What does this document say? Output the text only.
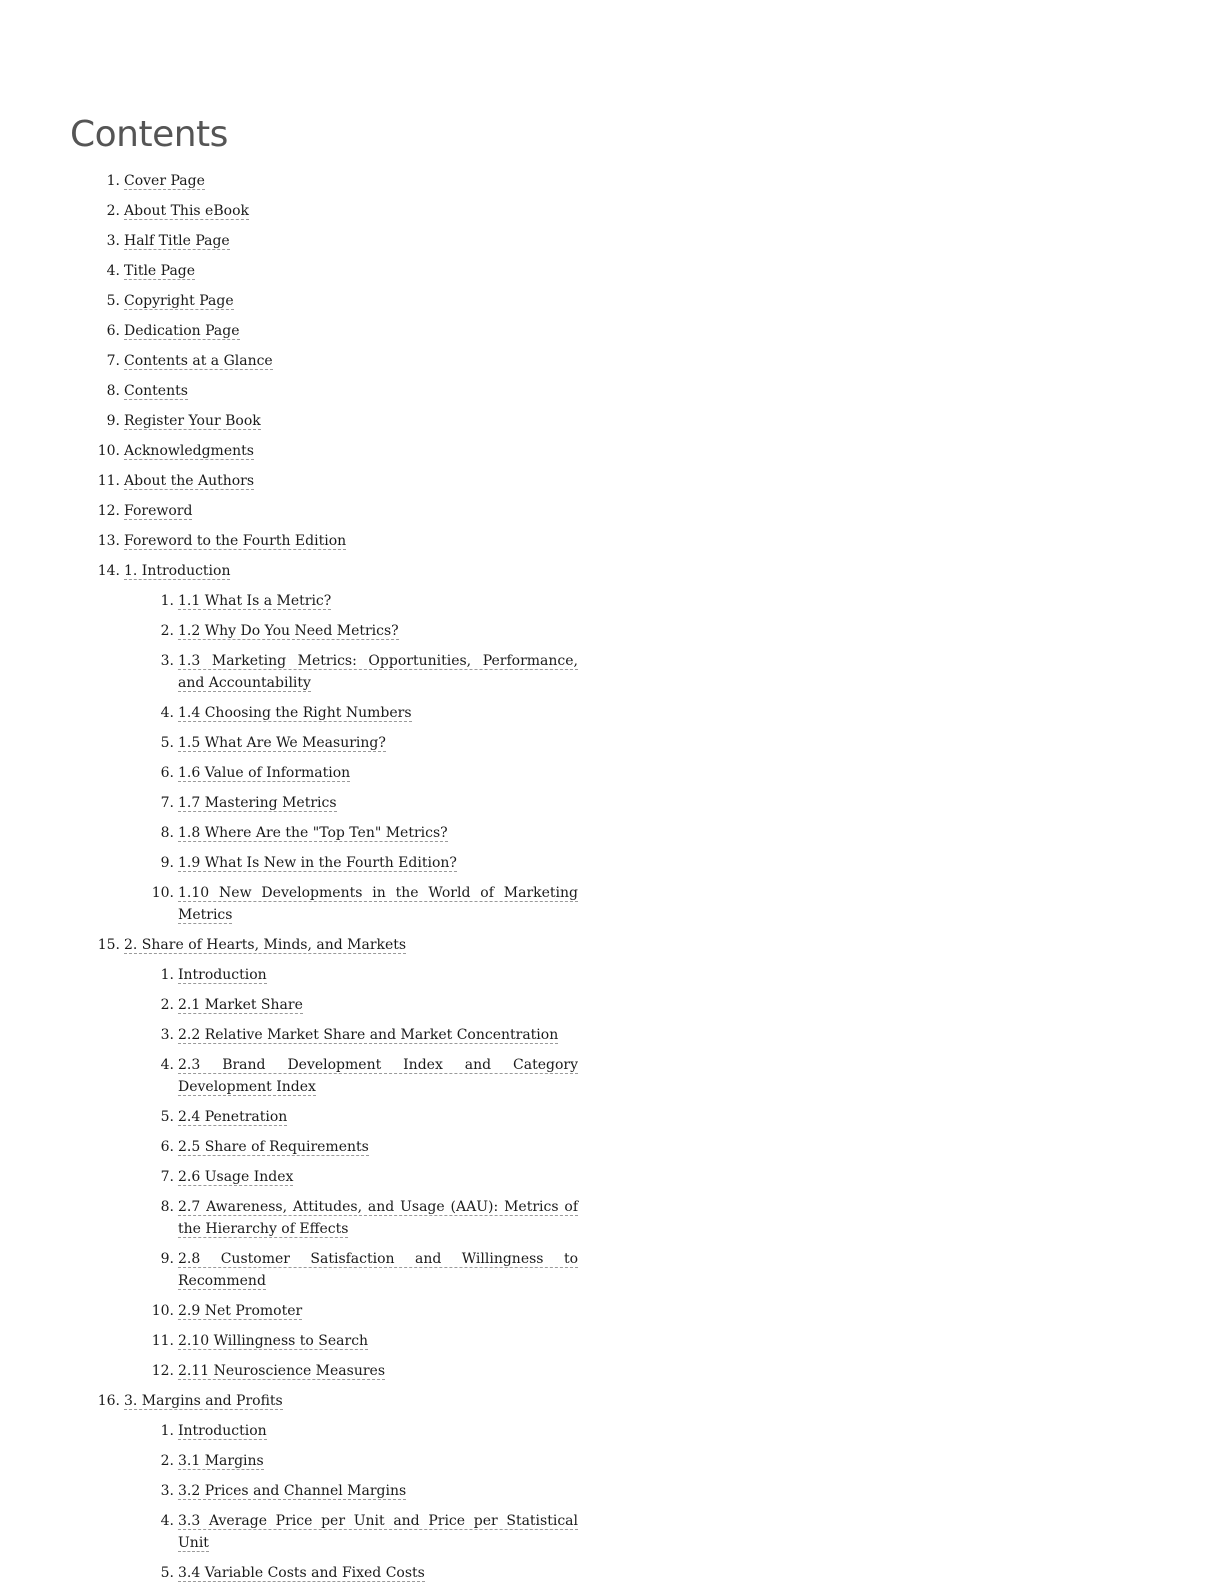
Contents
1. Cover Page
2. About This eBook
3. Half Title Page
4. Title Page
5. Copyright Page
6. Dedication Page
7. Contents at a Glance
8. Contents
9. Register Your Book
10. Acknowledgments
11. About the Authors
12. Foreword
13. Foreword to the Fourth Edition
14. 1. Introduction
1. 1.1 What Is a Metric?
2. 1.2 Why Do You Need Metrics?
3. 1.3 Marketing Metrics: Opportunities, Performance, and Accountability
4. 1.4 Choosing the Right Numbers
5. 1.5 What Are We Measuring?
6. 1.6 Value of Information
7. 1.7 Mastering Metrics
8. 1.8 Where Are the "Top Ten" Metrics?
9. 1.9 What Is New in the Fourth Edition?
10. 1.10 New Developments in the World of Marketing Metrics
15. 2. Share of Hearts, Minds, and Markets
1. Introduction
2. 2.1 Market Share
3. 2.2 Relative Market Share and Market Concentration
4. 2.3 Brand Development Index and Category Development Index
5. 2.4 Penetration
6. 2.5 Share of Requirements
7. 2.6 Usage Index
8. 2.7 Awareness, Attitudes, and Usage (AAU): Metrics of the Hierarchy of Effects
9. 2.8 Customer Satisfaction and Willingness to Recommend
10. 2.9 Net Promoter
11. 2.10 Willingness to Search
12. 2.11 Neuroscience Measures
16. 3. Margins and Profits
1. Introduction
2. 3.1 Margins
3. 3.2 Prices and Channel Margins
4. 3.3 Average Price per Unit and Price per Statistical Unit
5. 3.4 Variable Costs and Fixed Costs
